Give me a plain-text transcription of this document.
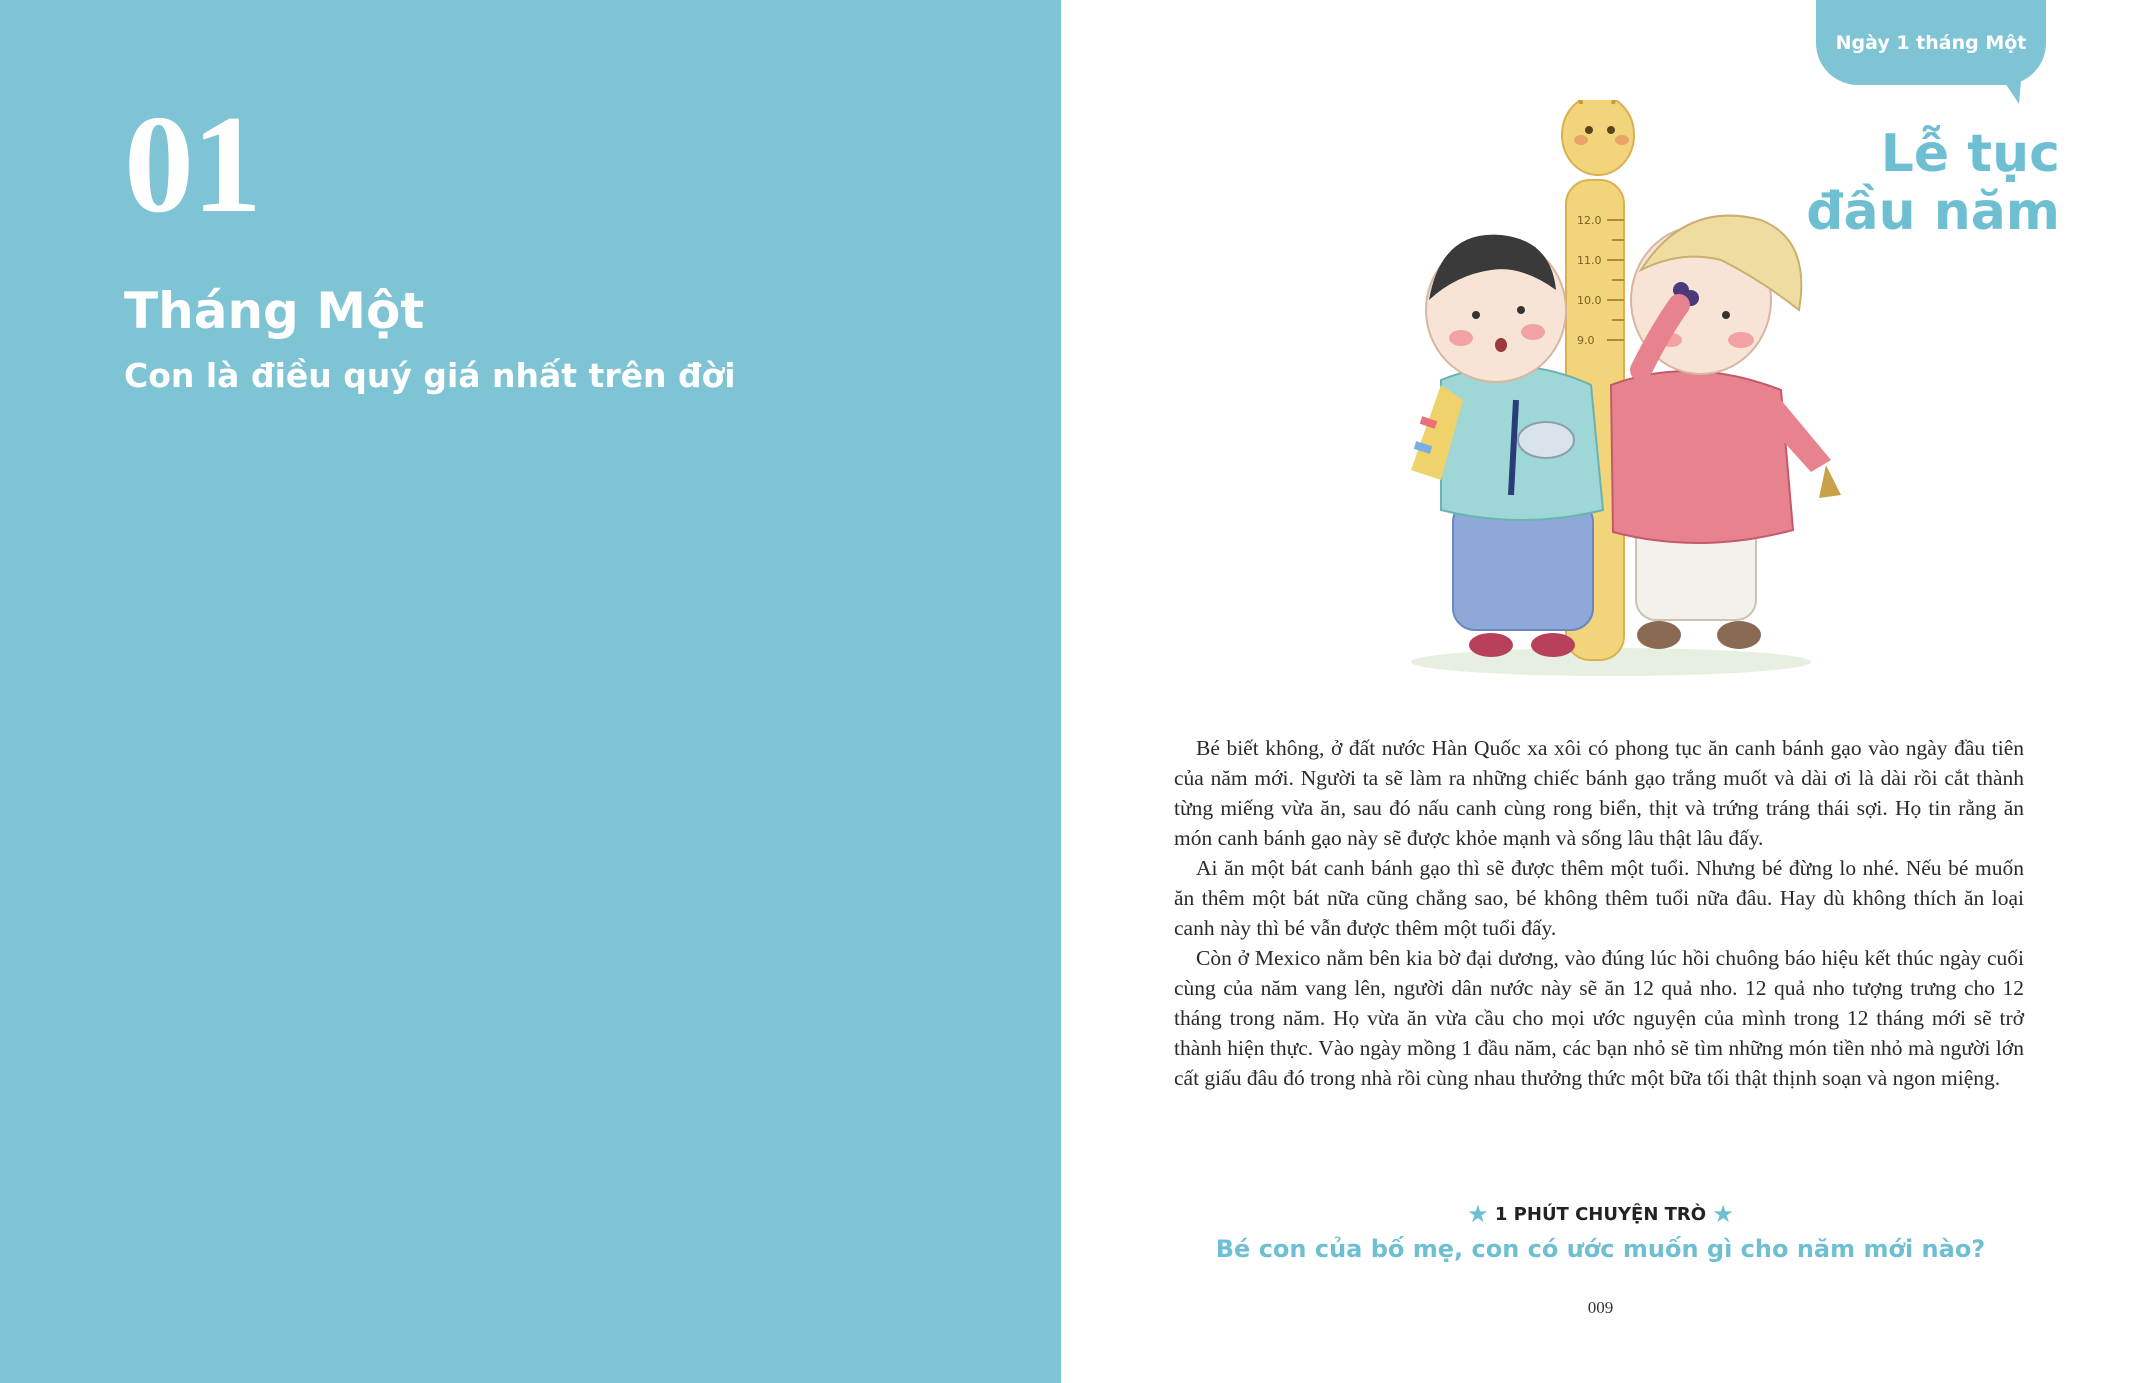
01
Tháng Một
Con là điều quý giá nhất trên đời
Ngày 1 tháng Một
12.0
11.0
10.0
9.0
Lễ tục
đầu năm

Bé biết không, ở đất nước Hàn Quốc xa xôi có phong tục ăn canh bánh gạo vào ngày đầu tiên của năm mới. Người ta sẽ làm ra những chiếc bánh gạo trắng muốt và dài ơi là dài rồi cắt thành từng miếng vừa ăn, sau đó nấu canh cùng rong biển, thịt và trứng tráng thái sợi. Họ tin rằng ăn món canh bánh gạo này sẽ được khỏe mạnh và sống lâu thật lâu đấy.

Ai ăn một bát canh bánh gạo thì sẽ được thêm một tuổi. Nhưng bé đừng lo nhé. Nếu bé muốn ăn thêm một bát nữa cũng chẳng sao, bé không thêm tuổi nữa đâu. Hay dù không thích ăn loại canh này thì bé vẫn được thêm một tuổi đấy.

Còn ở Mexico nằm bên kia bờ đại dương, vào đúng lúc hồi chuông báo hiệu kết thúc ngày cuối cùng của năm vang lên, người dân nước này sẽ ăn 12 quả nho. 12 quả nho tượng trưng cho 12 tháng trong năm. Họ vừa ăn vừa cầu cho mọi ước nguyện của mình trong 12 tháng mới sẽ trở thành hiện thực. Vào ngày mồng 1 đầu năm, các bạn nhỏ sẽ tìm những món tiền nhỏ mà người lớn cất giấu đâu đó trong nhà rồi cùng nhau thưởng thức một bữa tối thật thịnh soạn và ngon miệng.

★ 1 PHÚT CHUYỆN TRÒ ★
Bé con của bố mẹ, con có ước muốn gì cho năm mới nào?
009
